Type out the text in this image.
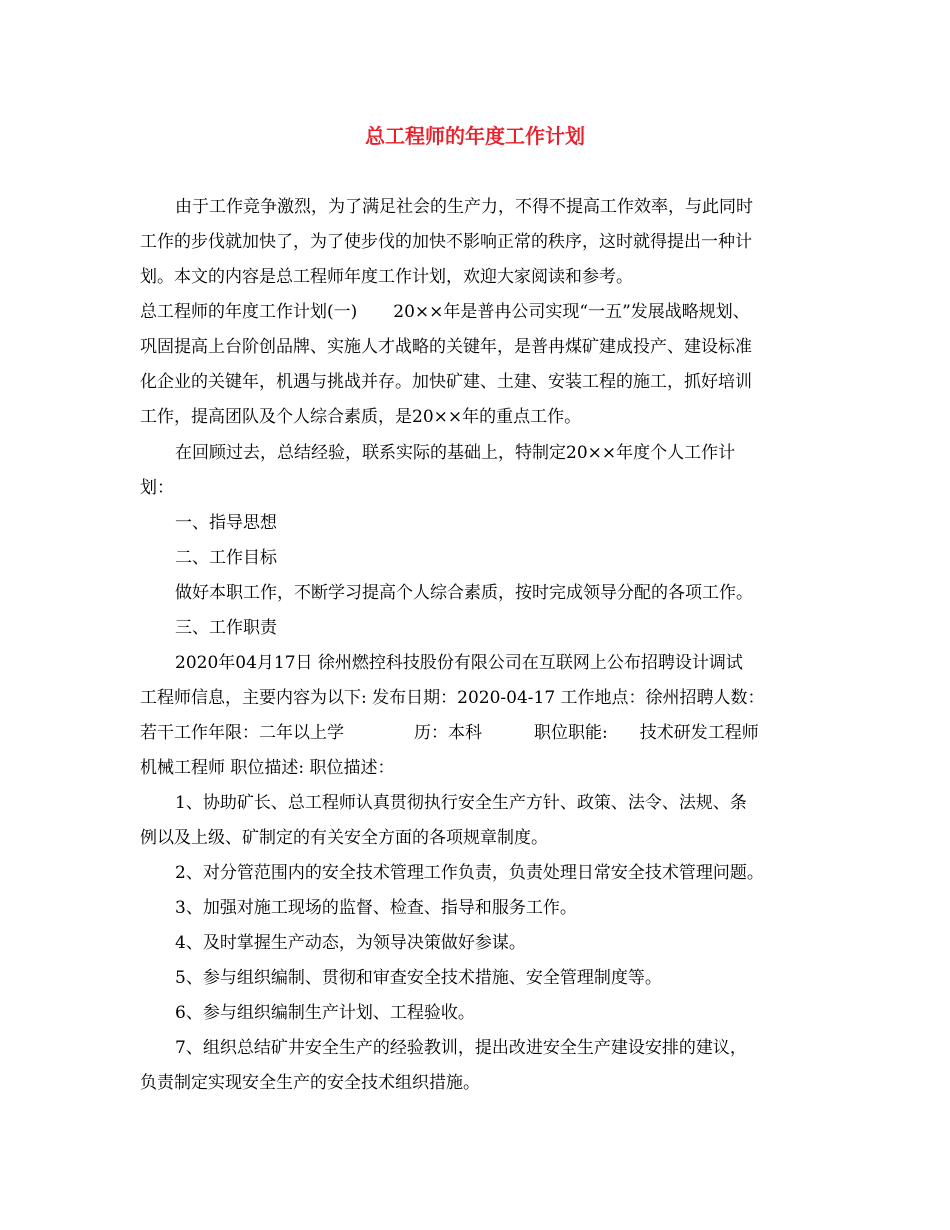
总工程师的年度工作计划
由于工作竞争激烈，为了满足社会的生产力，不得不提高工作效率，与此同时
工作的步伐就加快了，为了使步伐的加快不影响正常的秩序，这时就得提出一种计
划。本文的内容是总工程师年度工作计划，欢迎大家阅读和参考。
总工程师的年度工作计划(一) 20××年是普冉公司实现“一五”发展战略规划、
巩固提高上台阶创品牌、实施人才战略的关键年，是普冉煤矿建成投产、建设标准
化企业的关键年，机遇与挑战并存。加快矿建、土建、安装工程的施工，抓好培训
工作，提高团队及个人综合素质，是20××年的重点工作。
在回顾过去，总结经验，联系实际的基础上，特制定20××年度个人工作计
划：
一、指导思想
二、工作目标
做好本职工作，不断学习提高个人综合素质，按时完成领导分配的各项工作。
三、工作职责
2020年04月17日 徐州燃控科技股份有限公司在互联网上公布招聘设计调试
工程师信息，主要内容为以下: 发布日期：2020-04-17 工作地点：徐州招聘人数：
若干工作年限：二年以上学	历：本科	职位职能: 技术研发工程师
机械工程师 职位描述: 职位描述：
1、协助矿长、总工程师认真贯彻执行安全生产方针、政策、法令、法规、条
例以及上级、矿制定的有关安全方面的各项规章制度。
2、对分管范围内的安全技术管理工作负责，负责处理日常安全技术管理问题。
3、加强对施工现场的监督、检查、指导和服务工作。
4、及时掌握生产动态，为领导决策做好参谋。
5、参与组织编制、贯彻和审查安全技术措施、安全管理制度等。
6、参与组织编制生产计划、工程验收。
7、组织总结矿井安全生产的经验教训，提出改进安全生产建设安排的建议，
负责制定实现安全生产的安全技术组织措施。
